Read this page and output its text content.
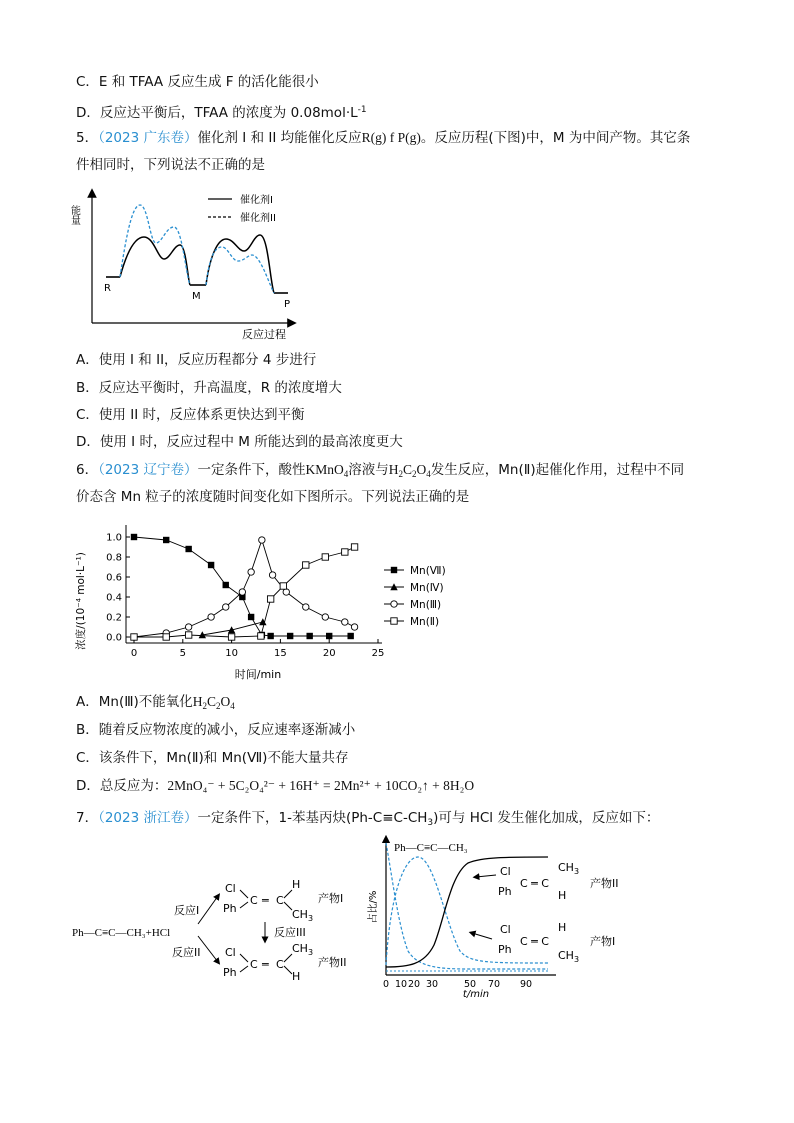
C．E 和 TFAA 反应生成 F 的活化能很小
D．反应达平衡后，TFAA 的浓度为 $0.08mol\cdot L^{-1}$
5．（2023 广东卷）催化剂 I 和 II 均能催化反应R(g) f P(g)。反应历程(下图)中，M 为中间产物。其它条
件相同时，下列说法不正确的是
能量
反应过程
催化剂I
催化剂II
R
M
P
A．使用 I 和 II，反应历程都分 4 步进行
B．反应达平衡时，升高温度，R 的浓度增大
C．使用 II 时，反应体系更快达到平衡
D．使用 I 时，反应过程中 M 所能达到的最高浓度更大
6．（2023 辽宁卷）一定条件下，酸性KMnO$_4$溶液与$H_2C_2O_4$发生反应，Mn(Ⅱ)起催化作用，过程中不同
价态含 Mn 粒子的浓度随时间变化如下图所示。下列说法正确的是
浓度/(10⁻⁴ mol·L⁻¹)
时间/min
0.0
0.2
0.4
0.6
0.8
1.0
0	5	10	15	20	25
Mn(Ⅶ)
Mn(Ⅳ)
Mn(Ⅲ)
Mn(Ⅱ)
A．Mn(Ⅲ)不能氧化$H_2C_2O_4$
B．随着反应物浓度的减小，反应速率逐渐减小
C．该条件下，Mn(Ⅱ)和 Mn(Ⅶ)不能大量共存
D．总反应为：2MnO₄⁻ + 5C₂O₄²⁻ + 16H⁺ = 2Mn²⁺ + 10CO₂↑ + 8H₂O
7．（2023 浙江卷）一定条件下，1-苯基丙炔$(Ph-C\equiv C-CH_3)$可与 HCl 发生催化加成，反应如下：
Ph—C≡C—CH₃+HCl
反应I
反应II
Cl
Ph
C ═ C
H
$CH_3$
产物I
反应III
Cl
Ph
C ═ C
$CH_3$
H
产物II
占比/%
0 10 20 30	50 70 90
t/min
Ph—C≡C—CH₃
Cl
Ph
C ═ C
$CH_3$
H
产物II
Cl
Ph
C ═ C
H
$CH_3$
产物I
